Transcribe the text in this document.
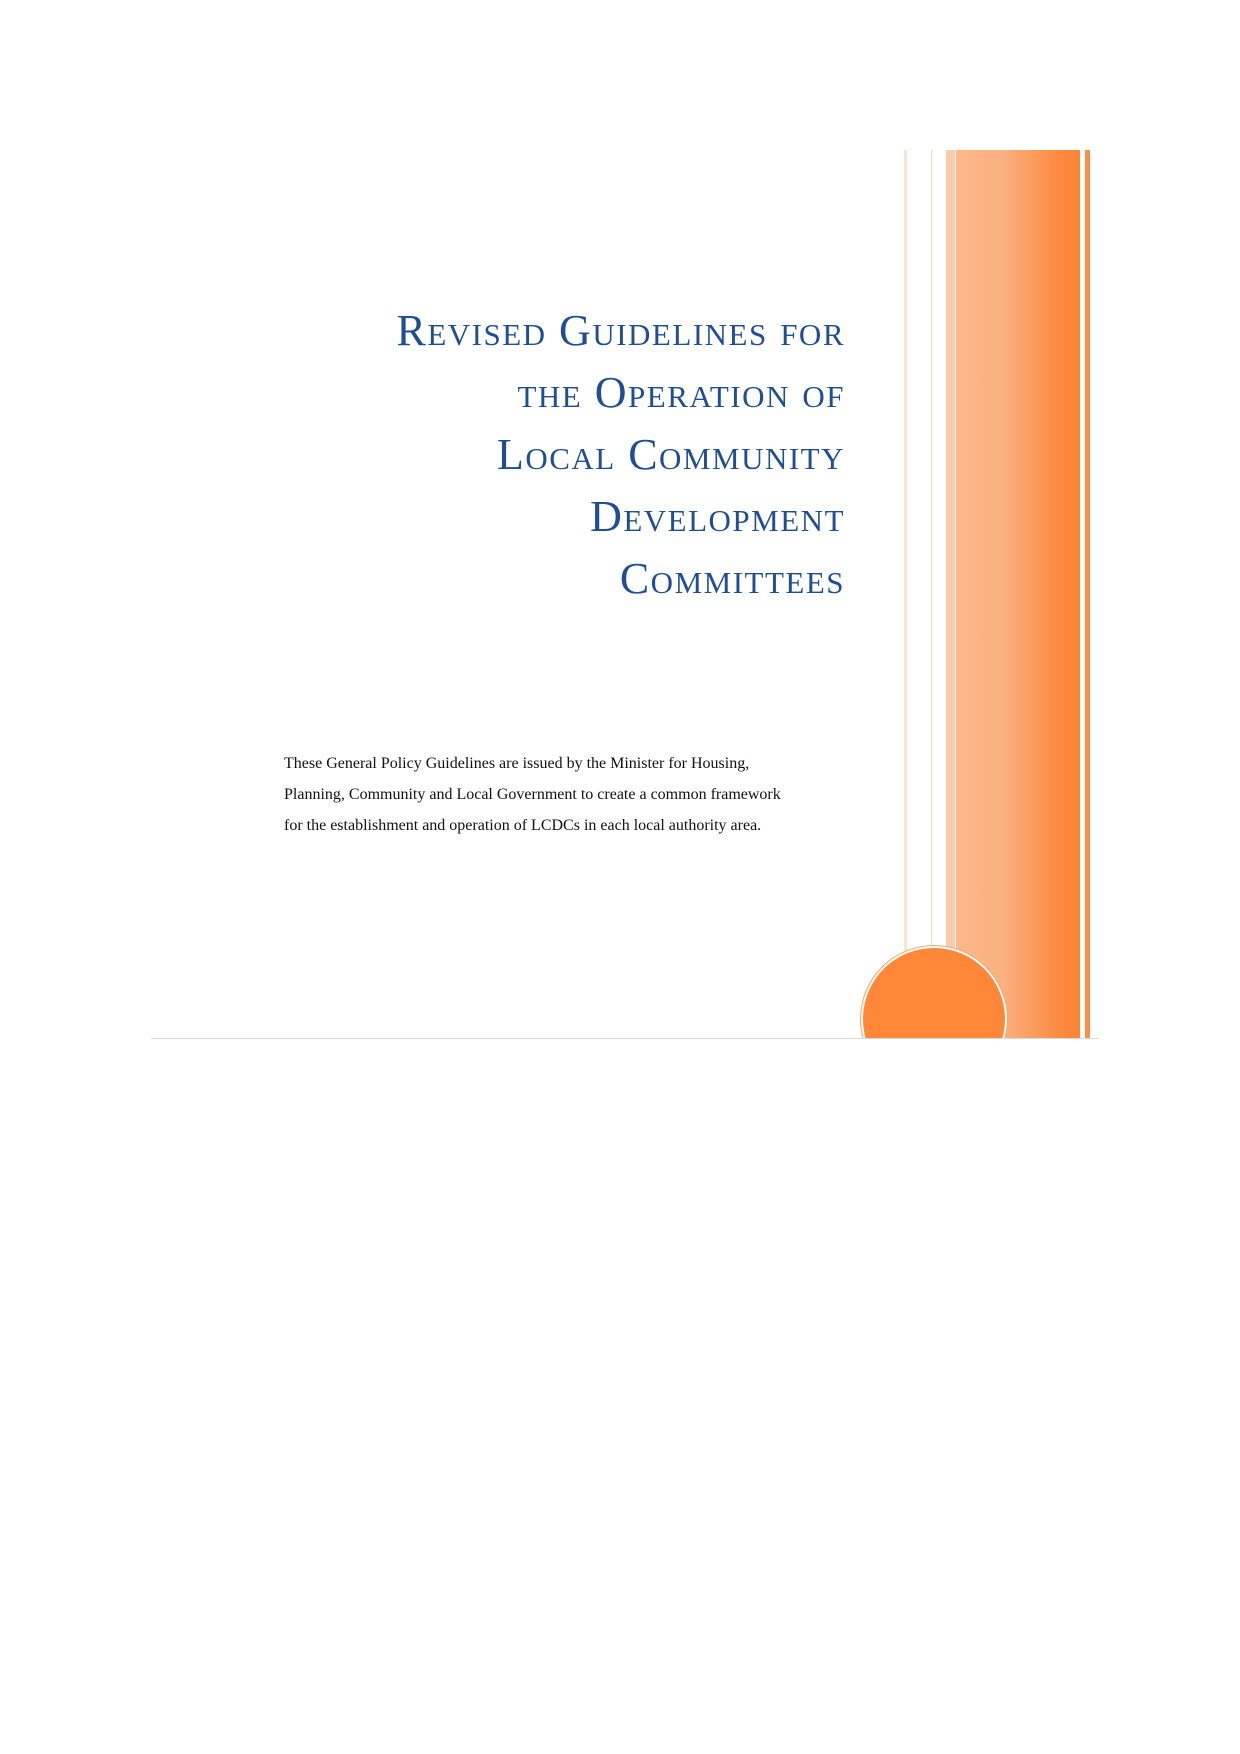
Revised Guidelines for
the Operation of
Local Community
Development
Committees
These General Policy Guidelines are issued by the Minister for Housing,
Planning, Community and Local Government to create a common framework
for the establishment and operation of LCDCs in each local authority area.
